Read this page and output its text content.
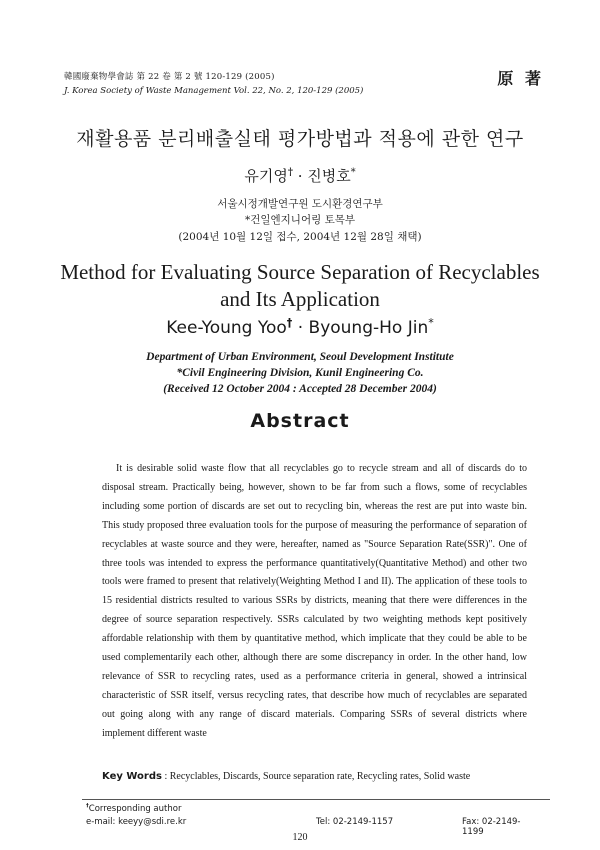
韓國廢棄物學會誌 第 22 卷 第 2 號 120-129 (2005)
J. Korea Society of Waste Management Vol. 22, No. 2, 120-129 (2005)
原 著
재활용품 분리배출실태 평가방법과 적용에 관한 연구
유기영† · 진병호*
서울시정개발연구원 도시환경연구부
*건일엔지니어링 토목부
(2004년 10월 12일 접수, 2004년 12월 28일 채택)
Method for Evaluating Source Separation of Recyclables
and Its Application
Kee-Young Yoo† · Byoung-Ho Jin*
Department of Urban Environment, Seoul Development Institute
*Civil Engineering Division, Kunil Engineering Co.
(Received 12 October 2004 : Accepted 28 December 2004)
Abstract
It is desirable solid waste flow that all recyclables go to recycle stream and all of discards do to disposal stream. Practically being, however, shown to be far from such a flows, some of recyclables including some portion of discards are set out to recycling bin, whereas the rest are put into waste bin. This study proposed three evaluation tools for the purpose of measuring the performance of separation of recyclables at waste source and they were, hereafter, named as "Source Separation Rate(SSR)". One of three tools was intended to express the performance quantitatively(Quantitative Method) and other two tools were framed to present that relatively(Weighting Method I and II). The application of these tools to 15 residential districts resulted to various SSRs by districts, meaning that there were differences in the degree of source separation respectively. SSRs calculated by two weighting methods kept positively affordable relationship with them by quantitative method, which implicate that they could be able to be used complementarily each other, although there are some discrepancy in order. In the other hand, low relevance of SSR to recycling rates, used as a performance criteria in general, showed a intrinsical characteristic of SSR itself, versus recycling rates, that describe how much of recyclables are separated out going along with any range of discard materials. Comparing SSRs of several districts where implement different waste
Key Words : Recyclables, Discards, Source separation rate, Recycling rates, Solid waste
†Corresponding author
e-mail: keeyy@sdi.re.kr	Tel: 02-2149-1157	Fax: 02-2149-1199
120
